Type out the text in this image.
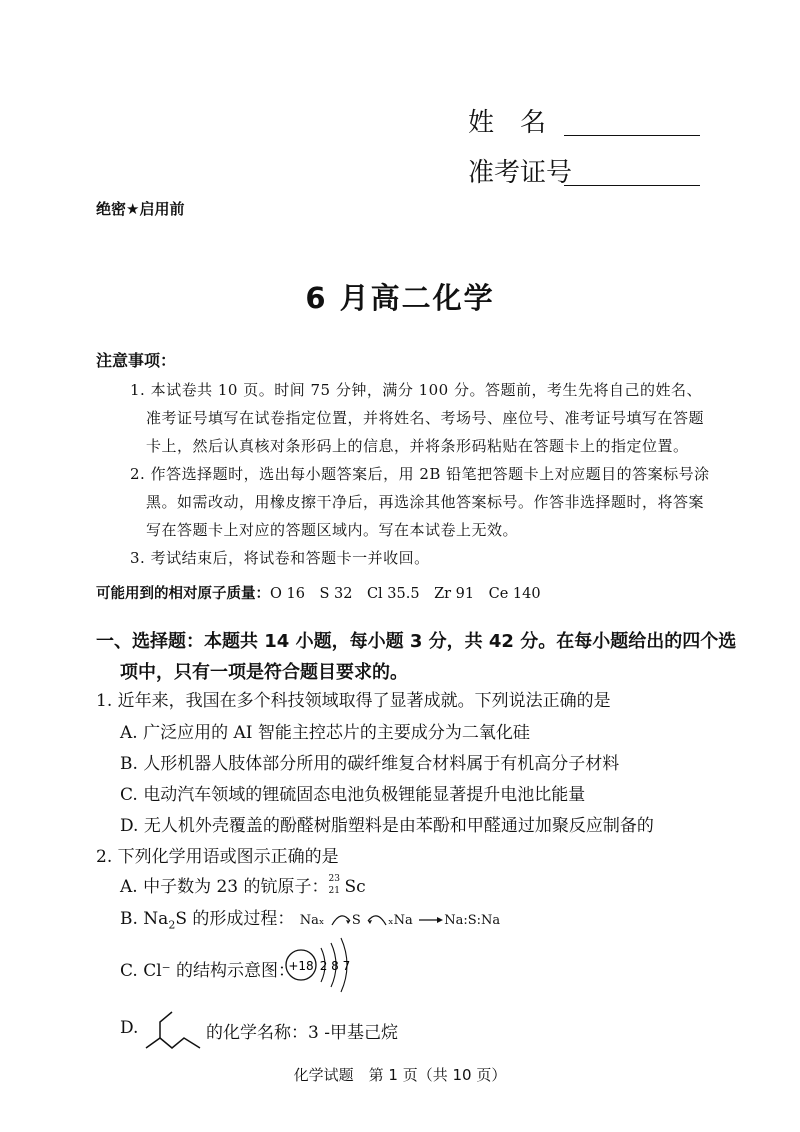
姓　名
准考证号
绝密★启用前
6 月高二化学
注意事项：
1. 本试卷共 10 页。时间 75 分钟，满分 100 分。答题前，考生先将自己的姓名、准考证号填写在试卷指定位置，并将姓名、考场号、座位号、准考证号填写在答题卡上，然后认真核对条形码上的信息，并将条形码粘贴在答题卡上的指定位置。
2. 作答选择题时，选出每小题答案后，用 2B 铅笔把答题卡上对应题目的答案标号涂黑。如需改动，用橡皮擦干净后，再选涂其他答案标号。作答非选择题时，将答案写在答题卡上对应的答题区域内。写在本试卷上无效。
3. 考试结束后，将试卷和答题卡一并收回。
可能用到的相对原子质量：O 16　S 32　Cl 35.5　Zr 91　Ce 140
一、选择题：本题共 14 小题，每小题 3 分，共 42 分。在每小题给出的四个选项中，只有一项是符合题目要求的。
1. 近年来，我国在多个科技领域取得了显著成就。下列说法正确的是
A. 广泛应用的 AI 智能主控芯片的主要成分为二氧化硅
B. 人形机器人肢体部分所用的碳纤维复合材料属于有机高分子材料
C. 电动汽车领域的锂硫固态电池负极锂能显著提升电池比能量
D. 无人机外壳覆盖的酚醛树脂塑料是由苯酚和甲醛通过加聚反应制备的
2. 下列化学用语或图示正确的是
A. 中子数为 23 的钪原子： 23
21 Sc
B. $Na_2S$ 的形成过程： Naₓ S ₓNa →Na:S:Na
C. Cl⁻ 的结构示意图：
+18 2 8 7
D.	的化学名称：3 -甲基己烷
化学试题　第 1 页（共 10 页）
